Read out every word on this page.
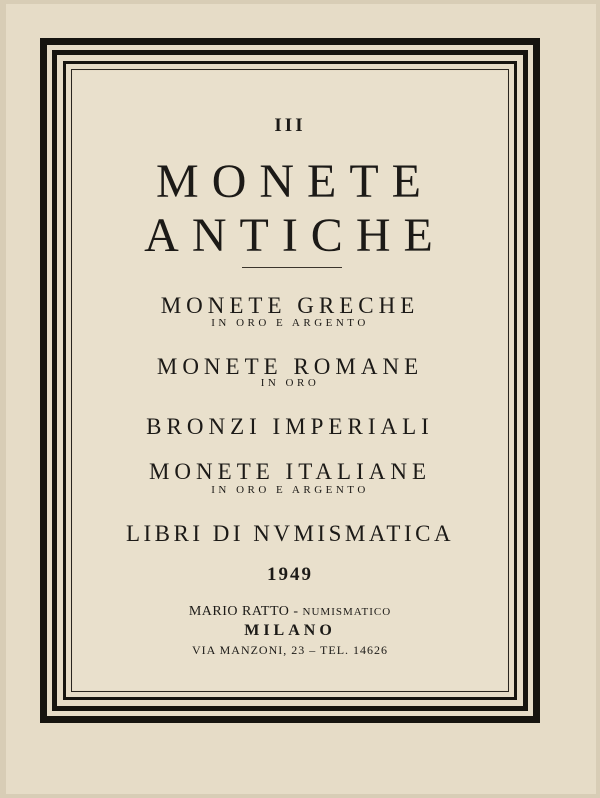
III
MONETE
ANTICHE
MONETE GRECHE
IN ORO E ARGENTO
MONETE ROMANE
IN ORO
BRONZI IMPERIALI
MONETE ITALIANE
IN ORO E ARGENTO
LIBRI DI NVMISMATICA
1949
MARIO RATTO - NUMISMATICO
MILANO
VIA MANZONI, 23 – TEL. 14626
